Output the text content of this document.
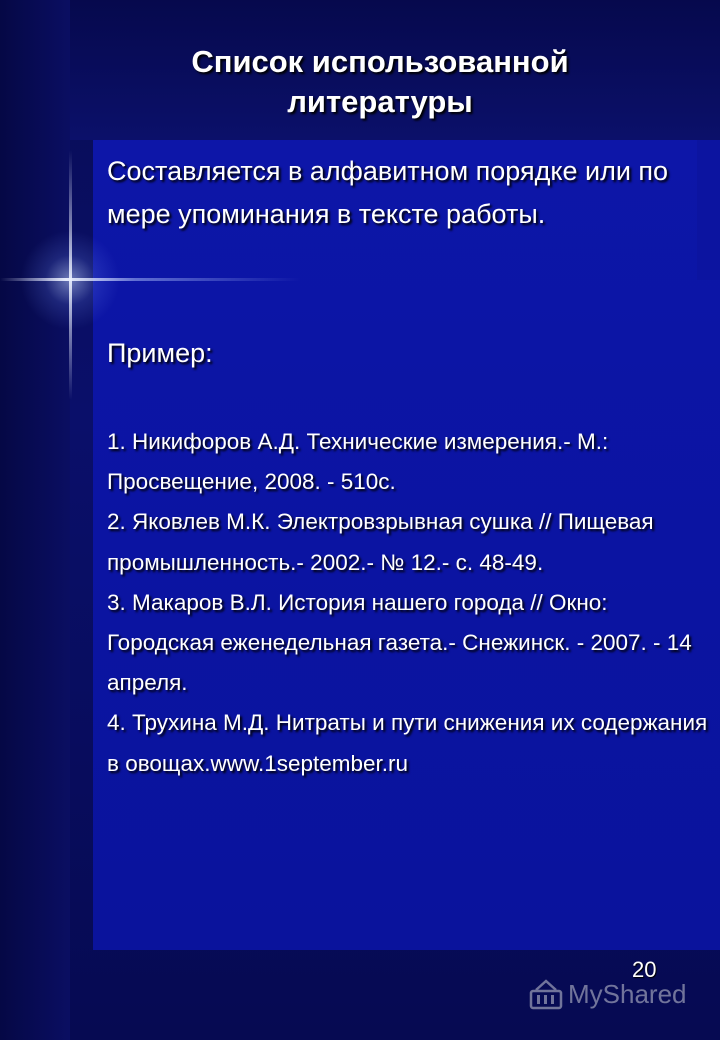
Список использованной литературы

Составляется в алфавитном порядке или по мере упоминания в тексте работы.

Пример:

1. Никифоров А.Д. Технические измерения.- М.: Просвещение, 2008. - 510с.
2. Яковлев М.К. Электровзрывная сушка // Пищевая промышленность.- 2002.- № 12.- с. 48-49.
3. Макаров В.Л. История нашего города // Окно: Городская еженедельная газета.- Снежинск. - 2007. - 14 апреля.
4. Трухина М.Д. Нитраты и пути снижения их содержания в овощах.www.1september.ru
20
MyShared
